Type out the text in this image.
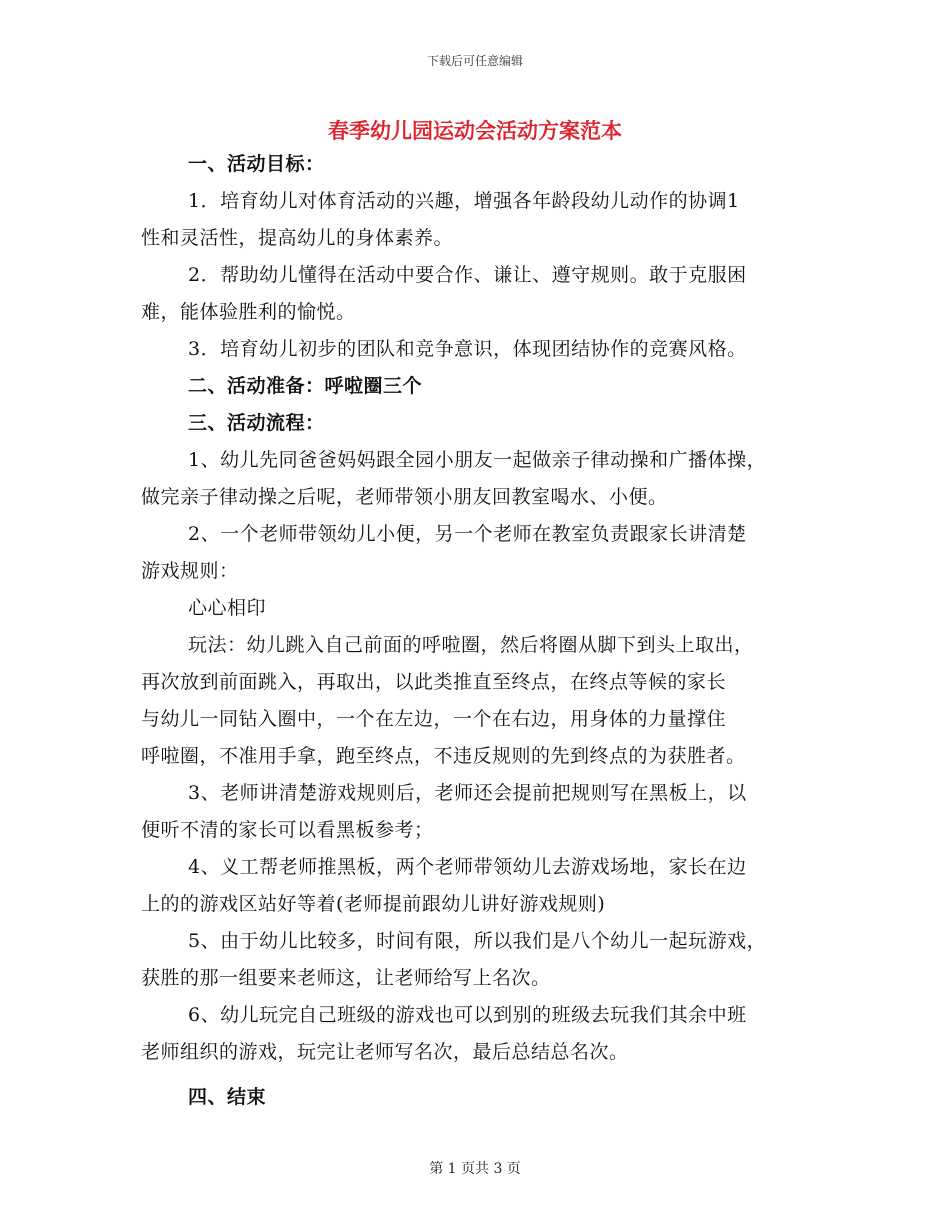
下载后可任意编辑
春季幼儿园运动会活动方案范本
一、活动目标：
1．培育幼儿对体育活动的兴趣，增强各年龄段幼儿动作的协调1
性和灵活性，提高幼儿的身体素养。
2．帮助幼儿懂得在活动中要合作、谦让、遵守规则。敢于克服困
难，能体验胜利的愉悦。
3．培育幼儿初步的团队和竞争意识，体现团结协作的竞赛风格。
二、活动准备：呼啦圈三个
三、活动流程：
1、幼儿先同爸爸妈妈跟全园小朋友一起做亲子律动操和广播体操，
做完亲子律动操之后呢，老师带领小朋友回教室喝水、小便。
2、一个老师带领幼儿小便，另一个老师在教室负责跟家长讲清楚
游戏规则：
心心相印
玩法：幼儿跳入自己前面的呼啦圈，然后将圈从脚下到头上取出，
再次放到前面跳入，再取出，以此类推直至终点，在终点等候的家长
与幼儿一同钻入圈中，一个在左边，一个在右边，用身体的力量撑住
呼啦圈，不准用手拿，跑至终点，不违反规则的先到终点的为获胜者。
3、老师讲清楚游戏规则后，老师还会提前把规则写在黑板上，以
便听不清的家长可以看黑板参考；
4、义工帮老师推黑板，两个老师带领幼儿去游戏场地，家长在边
上的的游戏区站好等着(老师提前跟幼儿讲好游戏规则)
5、由于幼儿比较多，时间有限，所以我们是八个幼儿一起玩游戏，
获胜的那一组要来老师这，让老师给写上名次。
6、幼儿玩完自己班级的游戏也可以到别的班级去玩我们其余中班
老师组织的游戏，玩完让老师写名次，最后总结总名次。
四、结束
第 1 页共 3 页
